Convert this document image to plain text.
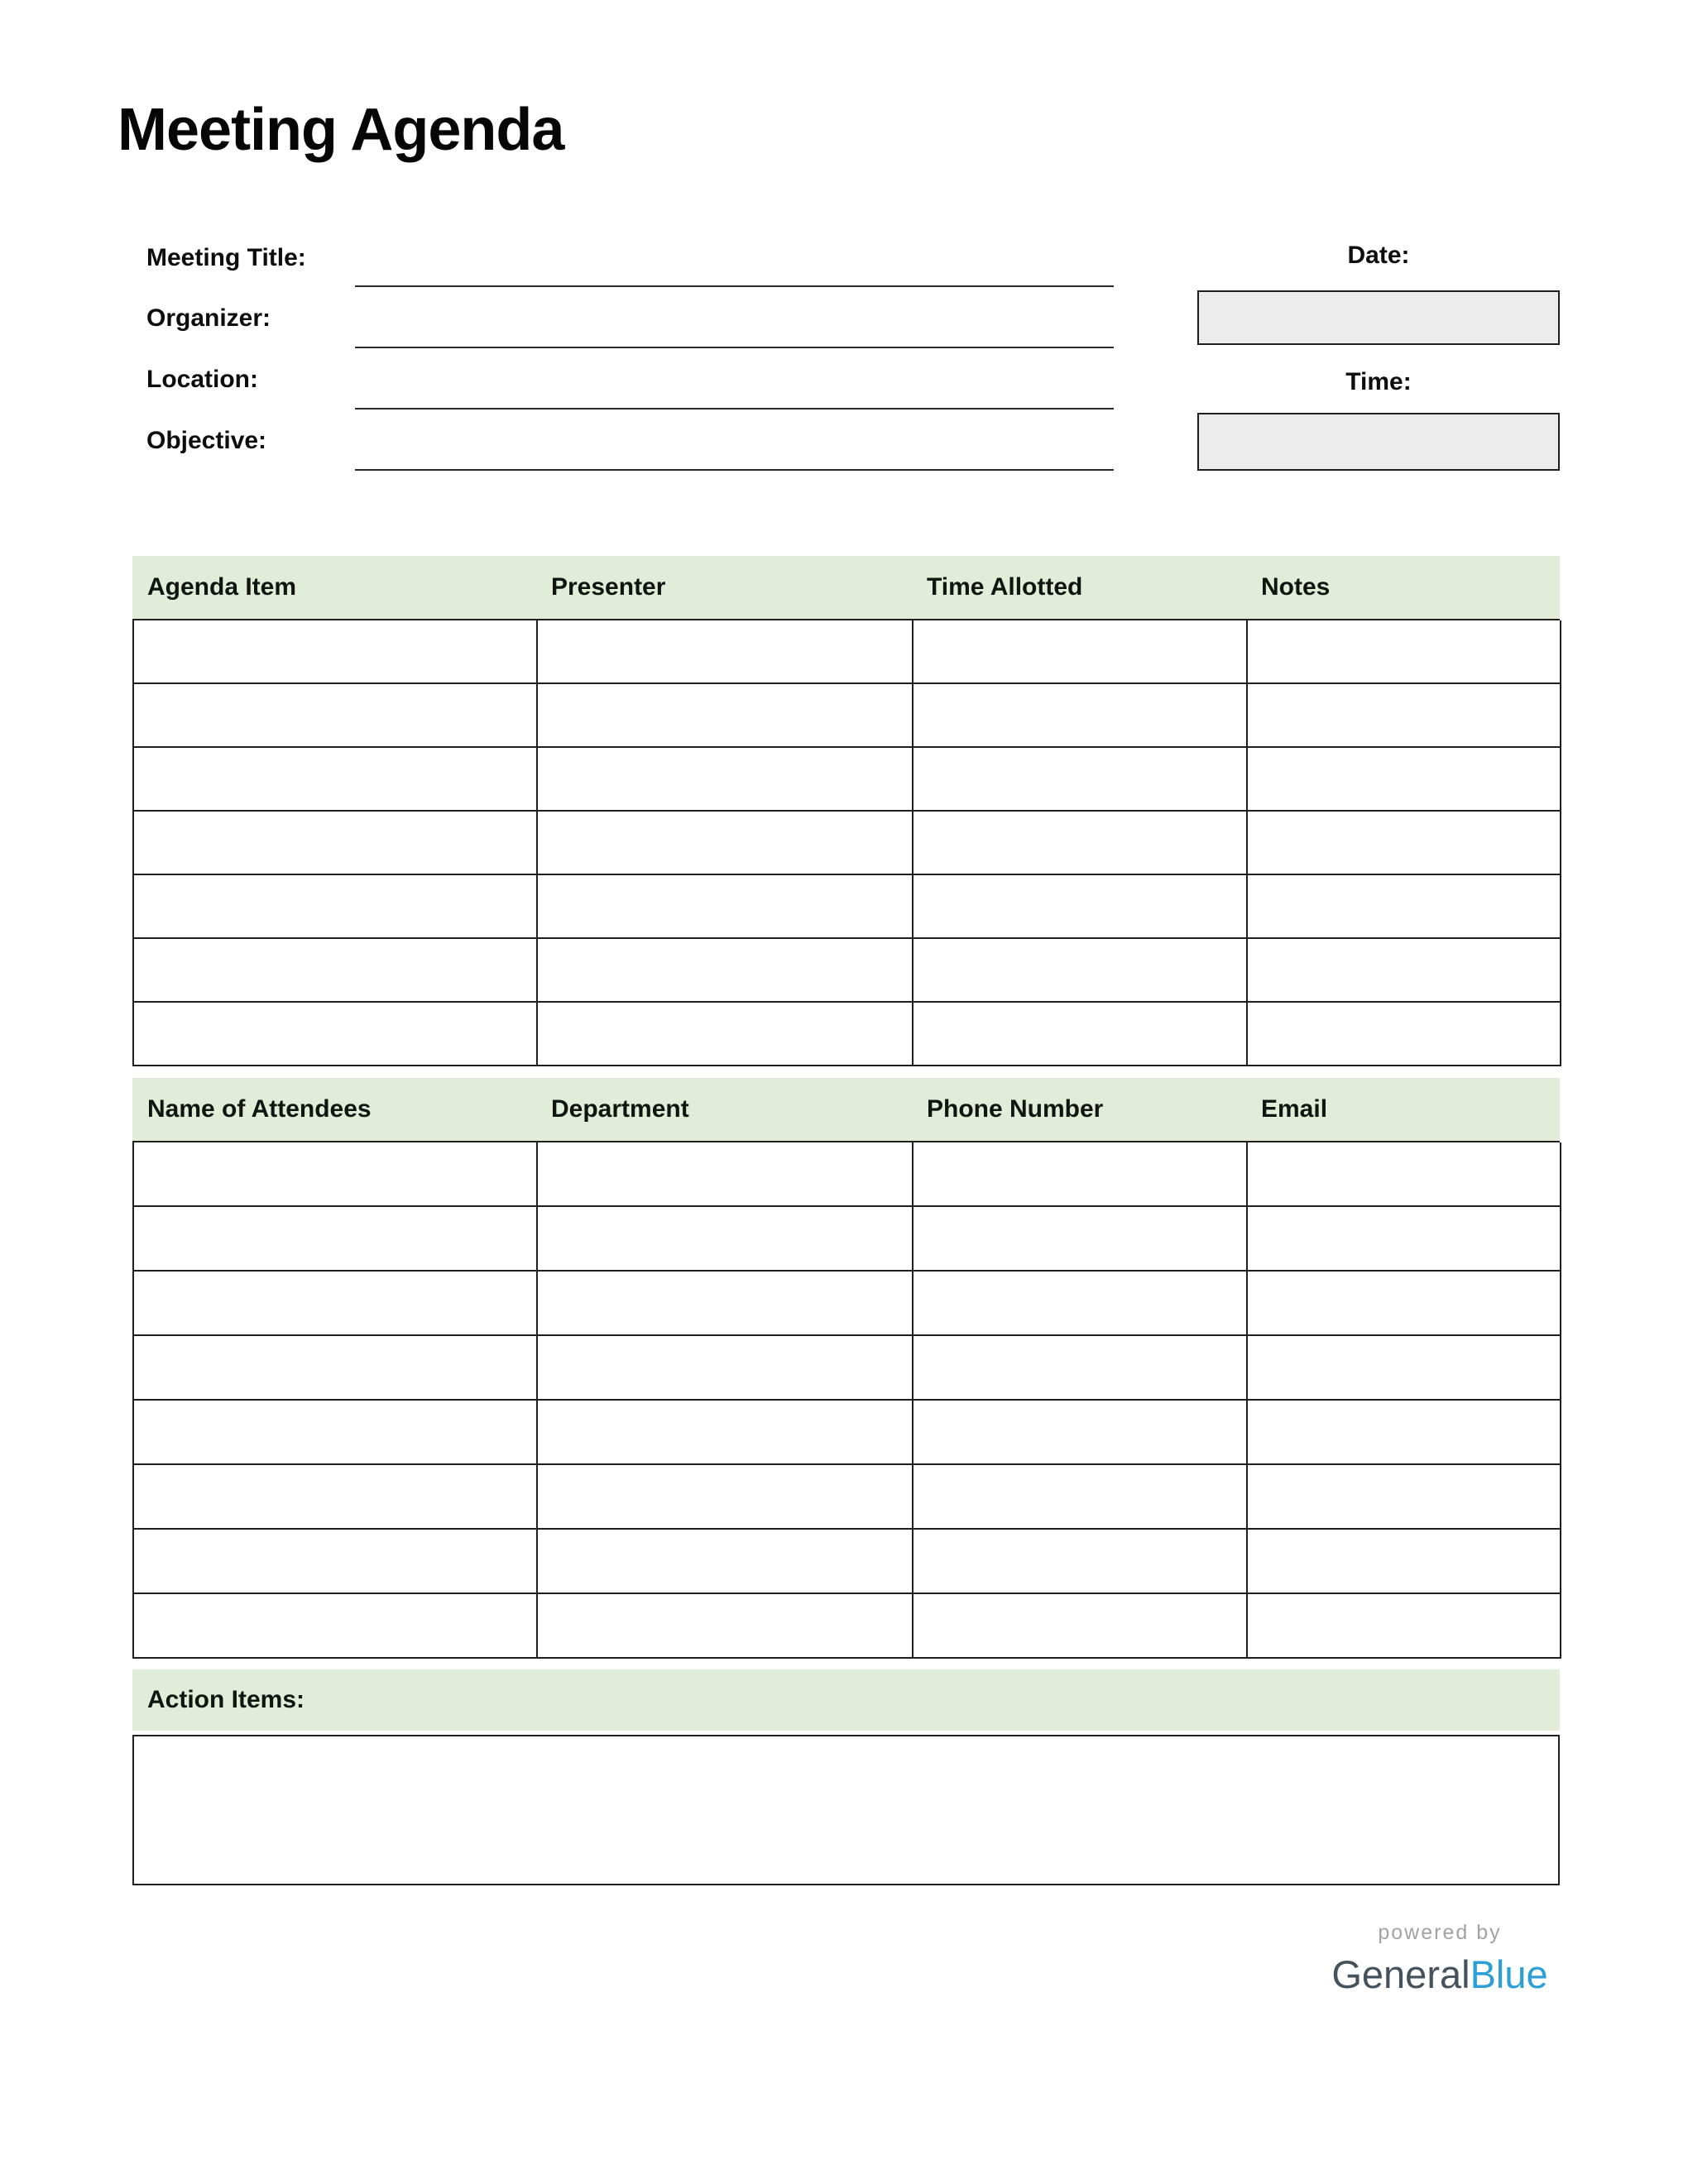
Meeting Agenda
Meeting Title:
Organizer:
Location:
Objective:
Date:
Time:
Agenda Item	Presenter	Time Allotted	Notes
Name of Attendees	Department	Phone Number	Email
Action Items:
powered by
GeneralBlue
